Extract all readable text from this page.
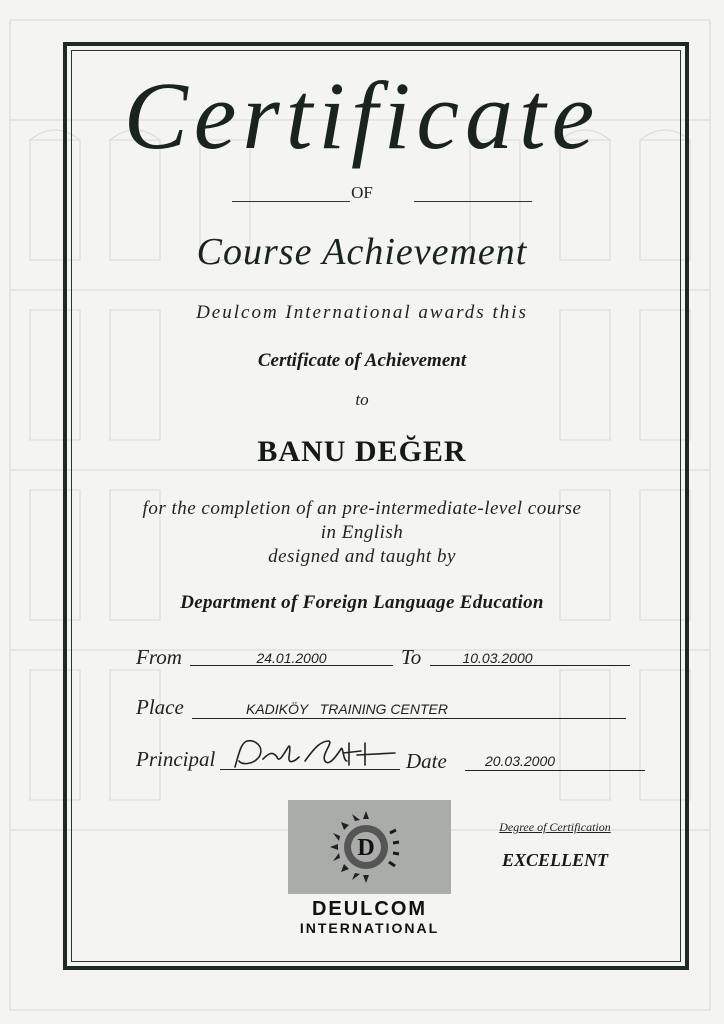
Certificate
OF
Course Achievement
Deulcom International awards this
Certificate of Achievement
to
BANU DEĞER
for the completion of an pre-intermediate-level course
in English
designed and taught by
Department of Foreign Language Education
From	24.01.2000	To	10.03.2000
Place	KADIKÖY   TRAINING CENTER
Principal	Date	20.03.2000
D
DEULCOM
INTERNATIONAL
Degree of Certification
EXCELLENT
